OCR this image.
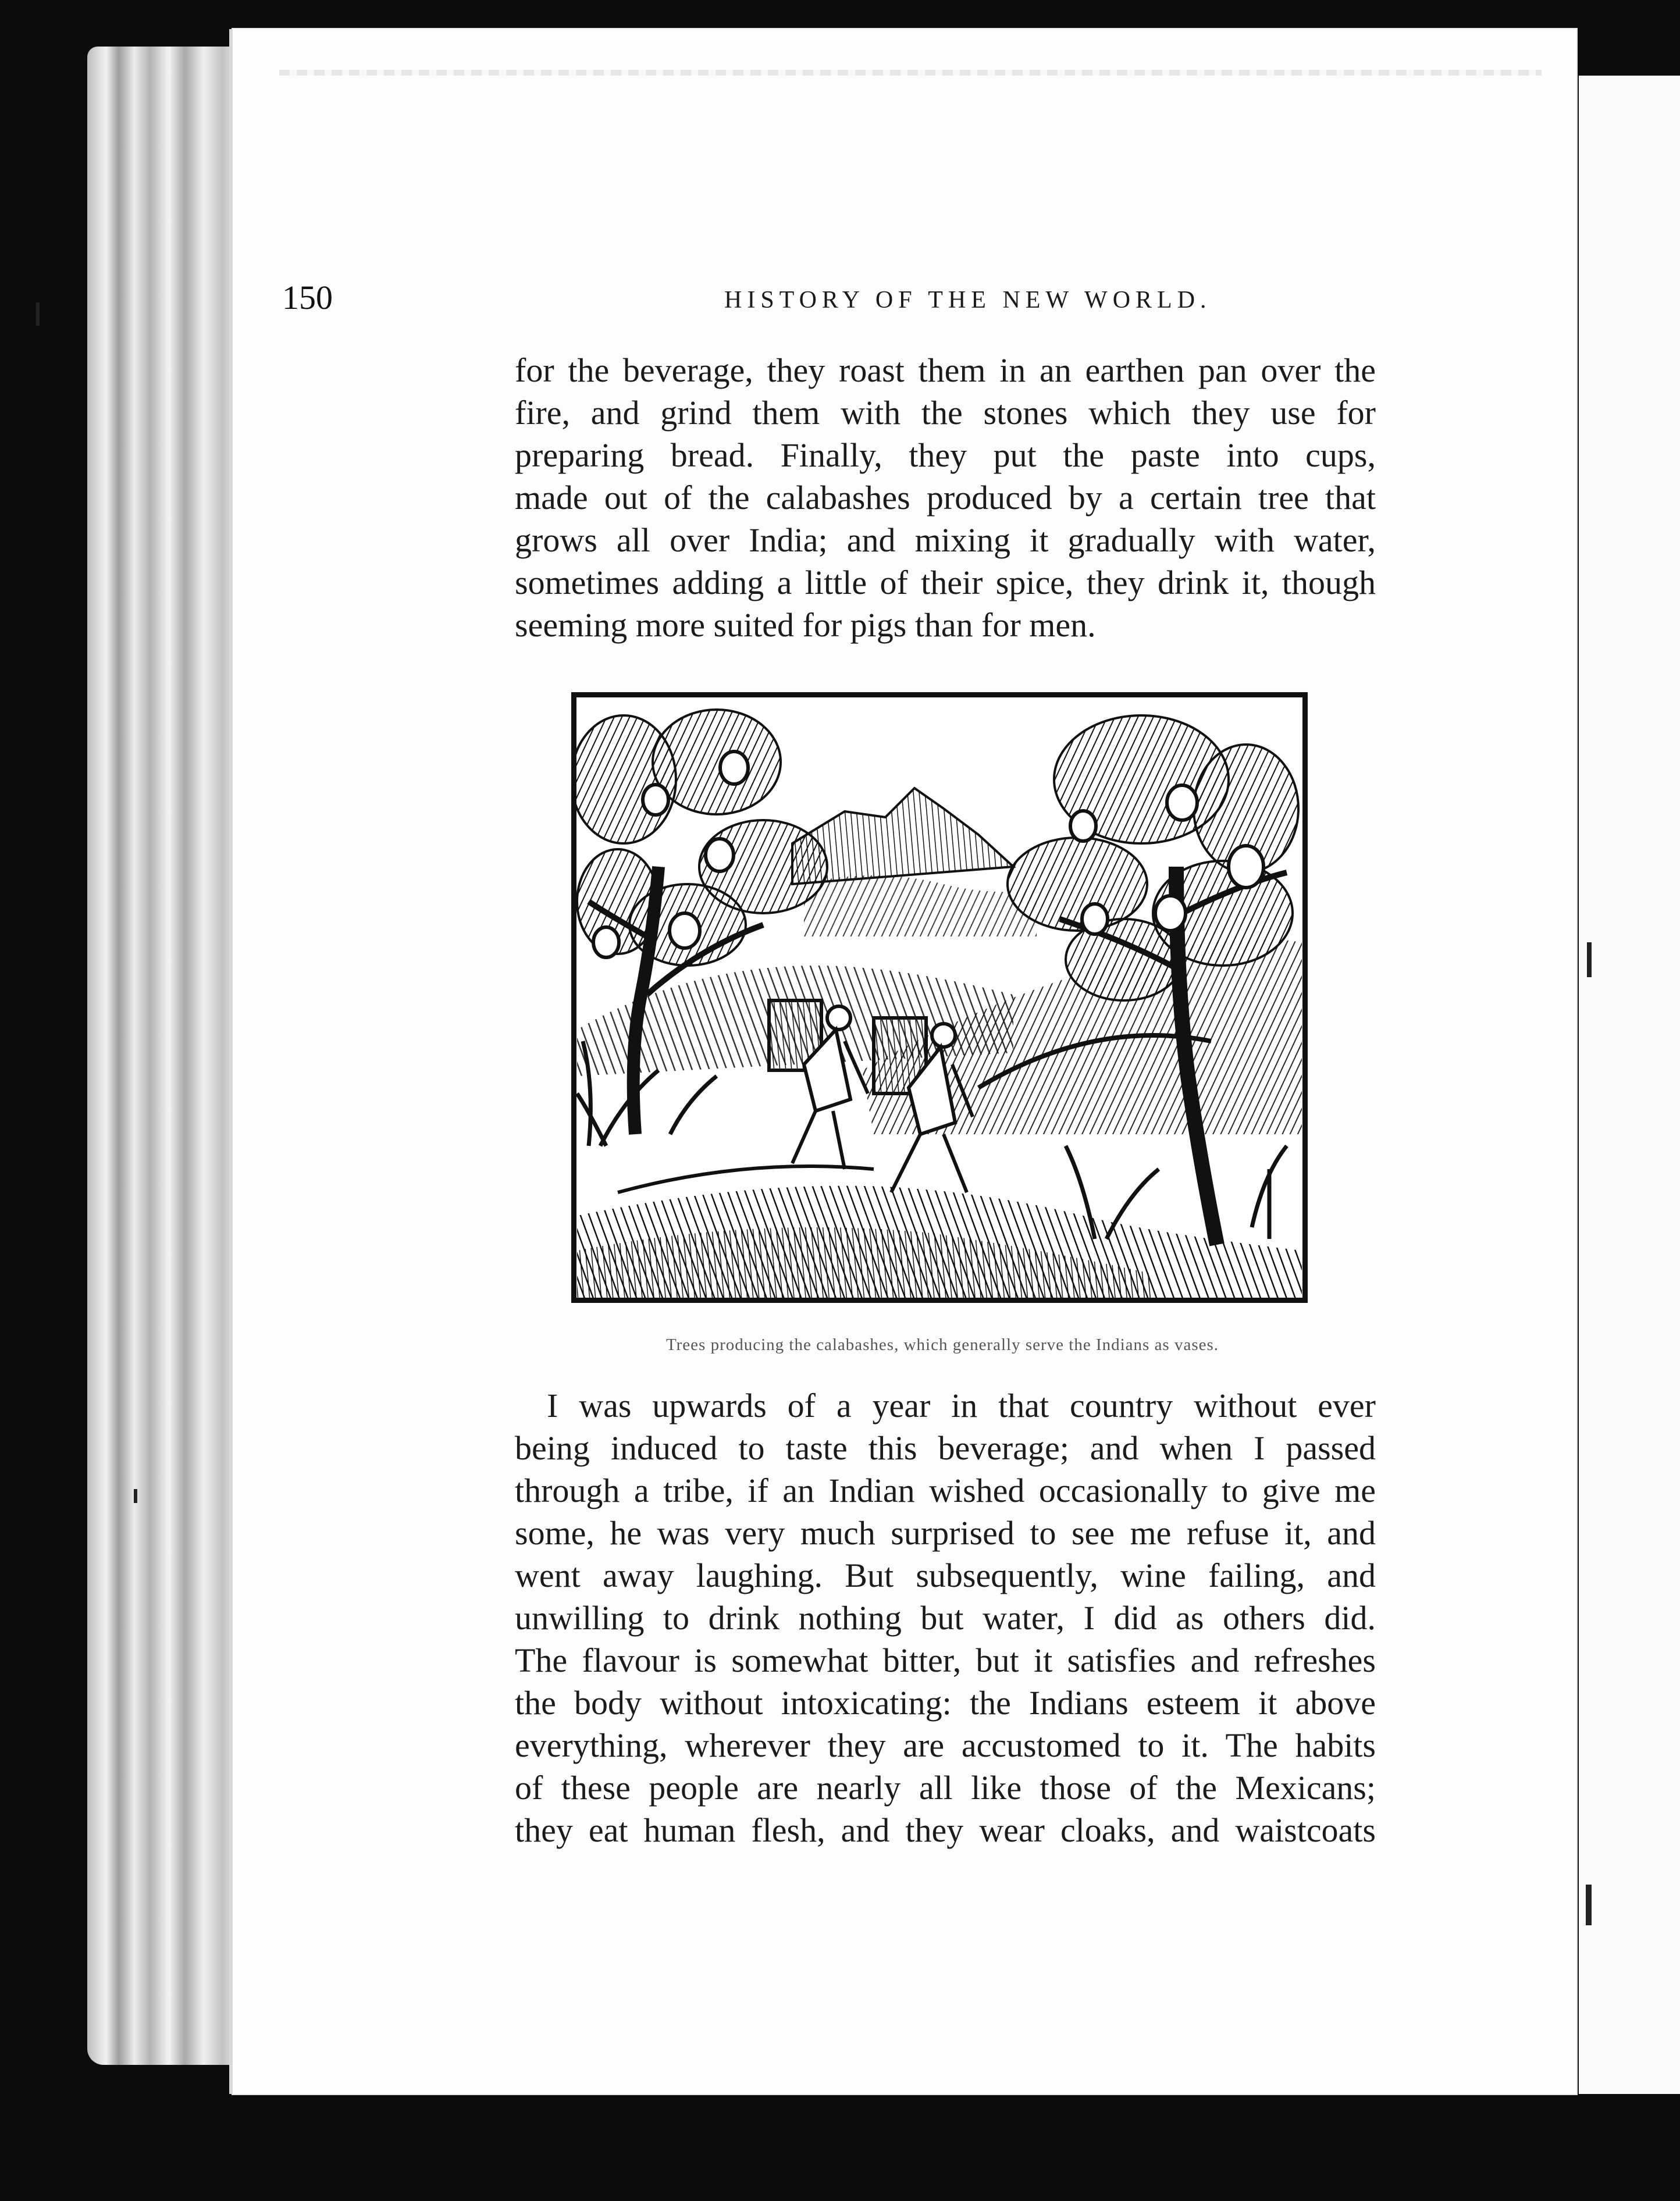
150	HISTORY OF THE NEW WORLD.
for the beverage, they roast them in an earthen pan over the
fire, and grind them with the stones which they use for
preparing bread. Finally, they put the paste into cups,
made out of the calabashes produced by a certain tree that
grows all over India; and mixing it gradually with water,
sometimes adding a little of their spice, they drink it, though
seeming more suited for pigs than for men.
Trees producing the calabashes, which generally serve the Indians as vases.
I was upwards of a year in that country without ever
being induced to taste this beverage; and when I passed
through a tribe, if an Indian wished occasionally to give me
some, he was very much surprised to see me refuse it, and
went away laughing. But subsequently, wine failing, and
unwilling to drink nothing but water, I did as others did.
The flavour is somewhat bitter, but it satisfies and refreshes
the body without intoxicating: the Indians esteem it above
everything, wherever they are accustomed to it. The habits
of these people are nearly all like those of the Mexicans;
they eat human flesh, and they wear cloaks, and waistcoats
